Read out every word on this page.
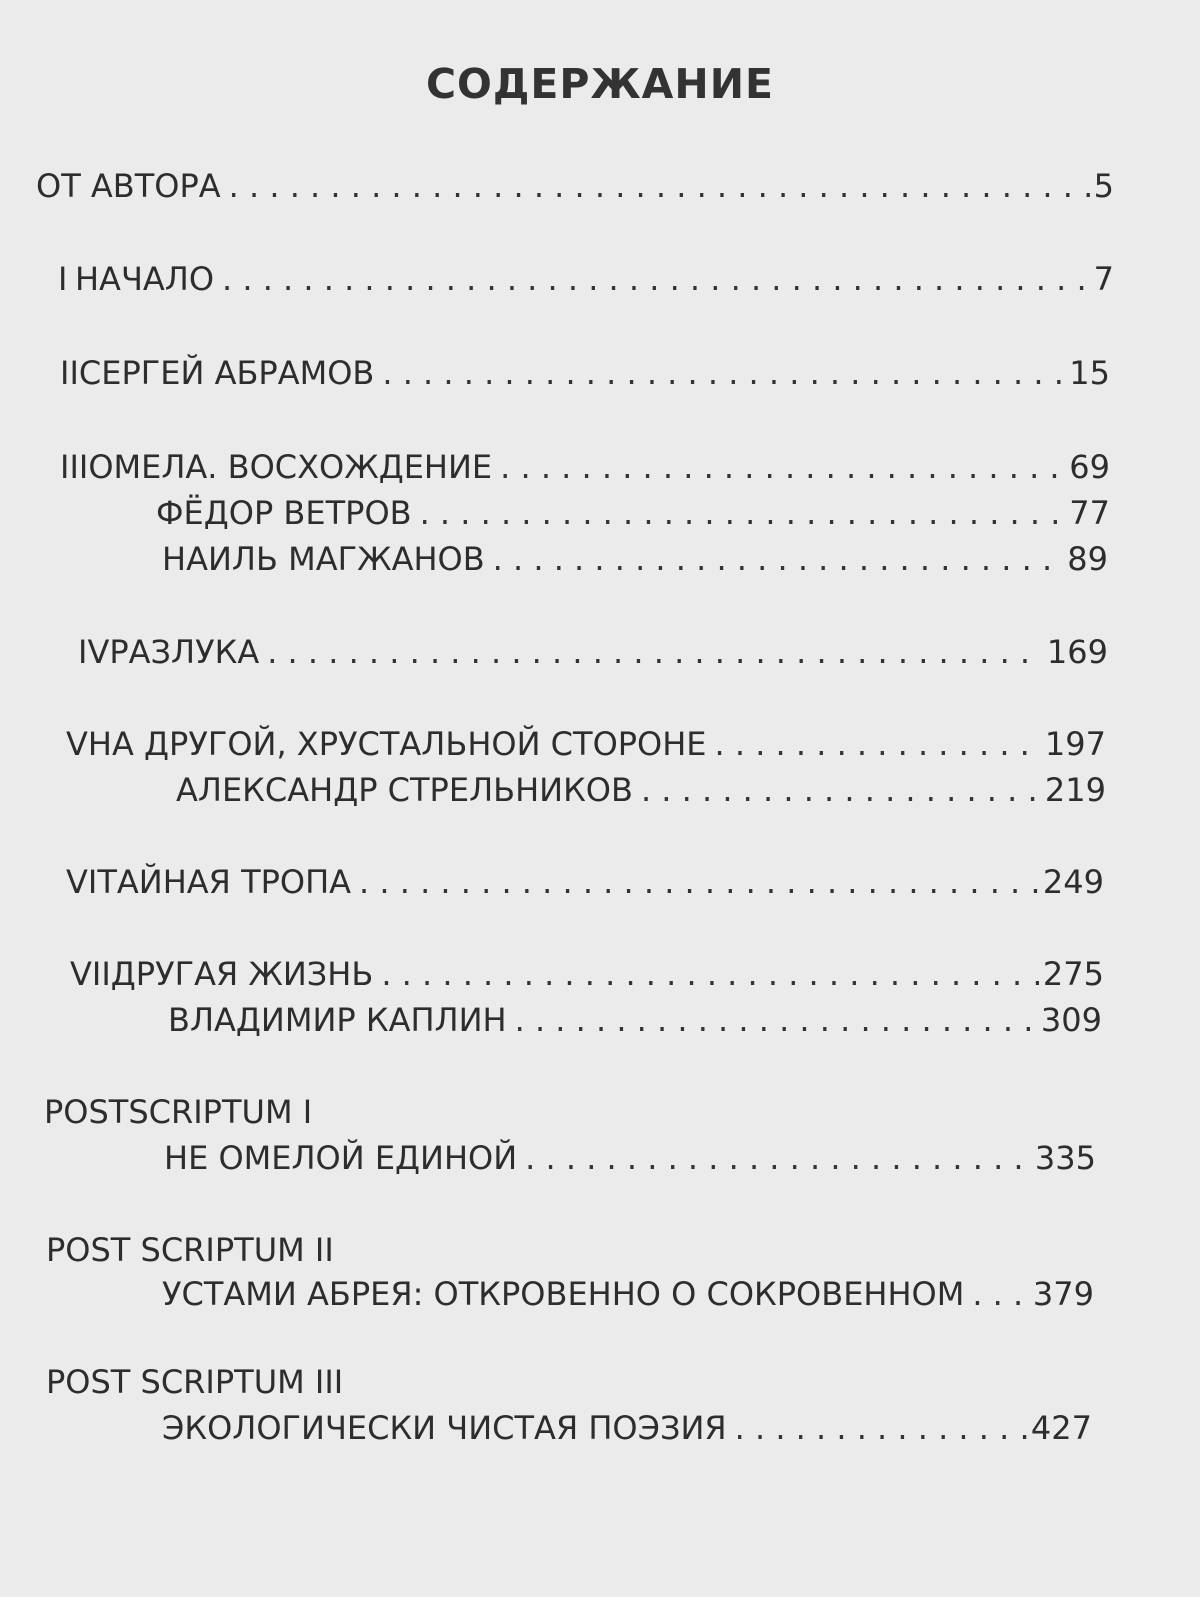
СОДЕРЖАНИЕ
ОТ АВТОРА . . .	5
I НАЧАЛО . . .	7
II СЕРГЕЙ АБРАМОВ . . .	15
III ОМЕЛА. ВОСХОЖДЕНИЕ . . .	69
ФЁДОР ВЕТРОВ . . .	77
НАИЛЬ МАГЖАНОВ . . .	89
IV РАЗЛУКА . . .	169
V НА ДРУГОЙ, ХРУСТАЛЬНОЙ СТОРОНЕ . . .	197
АЛЕКСАНДР СТРЕЛЬНИКОВ . . .	219
VI ТАЙНАЯ ТРОПА . . .	249
VII ДРУГАЯ ЖИЗНЬ . . .	275
ВЛАДИМИР КАПЛИН . . .	309
POSTSCRIPTUM I
НЕ ОМЕЛОЙ ЕДИНОЙ . . .	335
POST SCRIPTUM II
УСТАМИ АБРЕЯ: ОТКРОВЕННО О СОКРОВЕННОМ . . . 379
POST SCRIPTUM III
ЭКОЛОГИЧЕСКИ ЧИСТАЯ ПОЭЗИЯ . . .	427
